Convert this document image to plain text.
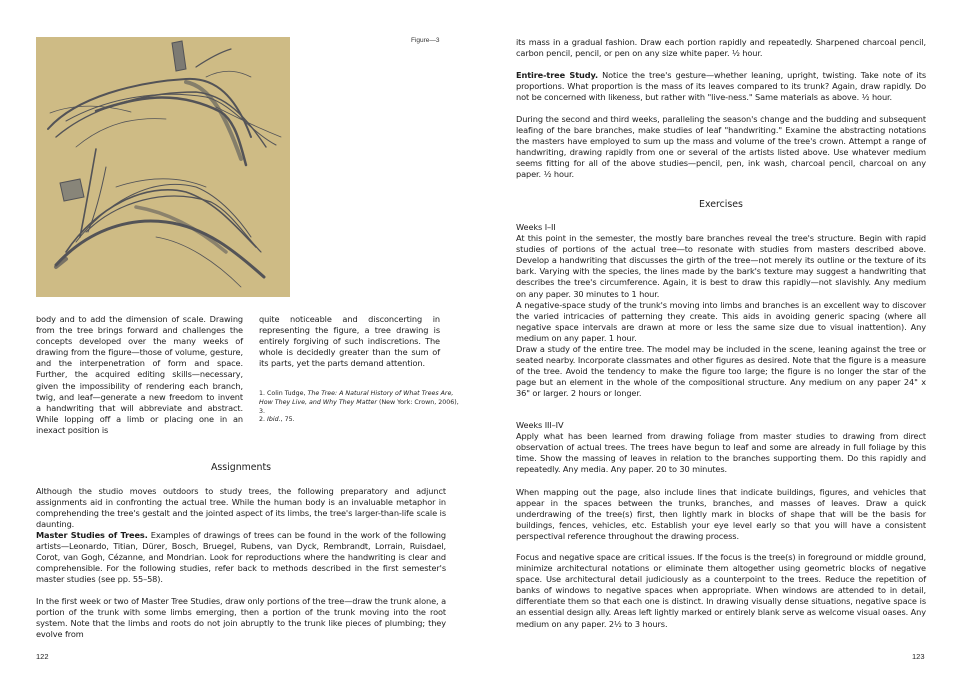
Figure—3

body and to add the dimension of scale. Drawing from the tree brings forward and challenges the concepts developed over the many weeks of drawing from the figure—those of volume, gesture, and the interpenetration of form and space. Further, the acquired editing skills—necessary, given the impossibility of rendering each branch, twig, and leaf—generate a new freedom to invent a handwriting that will abbreviate and abstract. While lopping off a limb or placing one in an inexact position is

quite noticeable and disconcerting in representing the figure, a tree drawing is entirely forgiving of such indiscretions. The whole is decidedly greater than the sum of its parts, yet the parts demand attention.

1. Colin Tudge, The Tree: A Natural History of What Trees Are, How They Live, and Why They Matter (New York: Crown, 2006), 3.

2. Ibid., 75.

Assignments

Although the studio moves outdoors to study trees, the following preparatory and adjunct assignments aid in confronting the actual tree. While the human body is an invaluable metaphor in comprehending the tree's gestalt and the jointed aspect of its limbs, the tree's larger-than-life scale is daunting.

Master Studies of Trees. Examples of drawings of trees can be found in the work of the following artists—Leonardo, Titian, Dürer, Bosch, Bruegel, Rubens, van Dyck, Rembrandt, Lorrain, Ruisdael, Corot, van Gogh, Cézanne, and Mondrian. Look for reproductions where the handwriting is clear and comprehensible. For the following studies, refer back to methods described in the first semester's master studies (see pp. 55–58).

In the first week or two of Master Tree Studies, draw only portions of the tree—draw the trunk alone, a portion of the trunk with some limbs emerging, then a portion of the trunk moving into the root system. Note that the limbs and roots do not join abruptly to the trunk like pieces of plumbing; they evolve from

122

its mass in a gradual fashion. Draw each portion rapidly and repeatedly. Sharpened charcoal pencil, carbon pencil, pencil, or pen on any size white paper. ½ hour.

Entire-tree Study. Notice the tree's gesture—whether leaning, upright, twisting. Take note of its proportions. What proportion is the mass of its leaves compared to its trunk? Again, draw rapidly. Do not be concerned with likeness, but rather with "live-ness." Same materials as above. ½ hour.

During the second and third weeks, paralleling the season's change and the budding and subsequent leafing of the bare branches, make studies of leaf "handwriting." Examine the abstracting notations the masters have employed to sum up the mass and volume of the tree's crown. Attempt a range of handwriting, drawing rapidly from one or several of the artists listed above. Use whatever medium seems fitting for all of the above studies—pencil, pen, ink wash, charcoal pencil, charcoal on any paper. ½ hour.

Exercises

Weeks I–II

At this point in the semester, the mostly bare branches reveal the tree's structure. Begin with rapid studies of portions of the actual tree—to resonate with studies from masters described above. Develop a handwriting that discusses the girth of the tree—not merely its outline or the texture of its bark. Varying with the species, the lines made by the bark's texture may suggest a handwriting that describes the tree's circumference. Again, it is best to draw this rapidly—not slavishly. Any medium on any paper. 30 minutes to 1 hour.

A negative-space study of the trunk's moving into limbs and branches is an excellent way to discover the varied intricacies of patterning they create. This aids in avoiding generic spacing (where all negative space intervals are drawn at more or less the same size due to visual inattention). Any medium on any paper. 1 hour.

Draw a study of the entire tree. The model may be included in the scene, leaning against the tree or seated nearby. Incorporate classmates and other figures as desired. Note that the figure is a measure of the tree. Avoid the tendency to make the figure too large; the figure is no longer the star of the page but an element in the whole of the compositional structure. Any medium on any paper 24" x 36" or larger. 2 hours or longer.

Weeks III–IV

Apply what has been learned from drawing foliage from master studies to drawing from direct observation of actual trees. The trees have begun to leaf and some are already in full foliage by this time. Show the massing of leaves in relation to the branches supporting them. Do this rapidly and repeatedly. Any media. Any paper. 20 to 30 minutes.

When mapping out the page, also include lines that indicate buildings, figures, and vehicles that appear in the spaces between the trunks, branches, and masses of leaves. Draw a quick underdrawing of the tree(s) first, then lightly mark in blocks of shape that will be the basis for buildings, fences, vehicles, etc. Establish your eye level early so that you will have a consistent perspectival reference throughout the drawing process.

Focus and negative space are critical issues. If the focus is the tree(s) in foreground or middle ground, minimize architectural notations or eliminate them altogether using geometric blocks of negative space. Use architectural detail judiciously as a counterpoint to the trees. Reduce the repetition of banks of windows to negative spaces when appropriate. When windows are attended to in detail, differentiate them so that each one is distinct. In drawing visually dense situations, negative space is an essential design ally. Areas left lightly marked or entirely blank serve as welcome visual oases. Any medium on any paper. 2½ to 3 hours.

123
